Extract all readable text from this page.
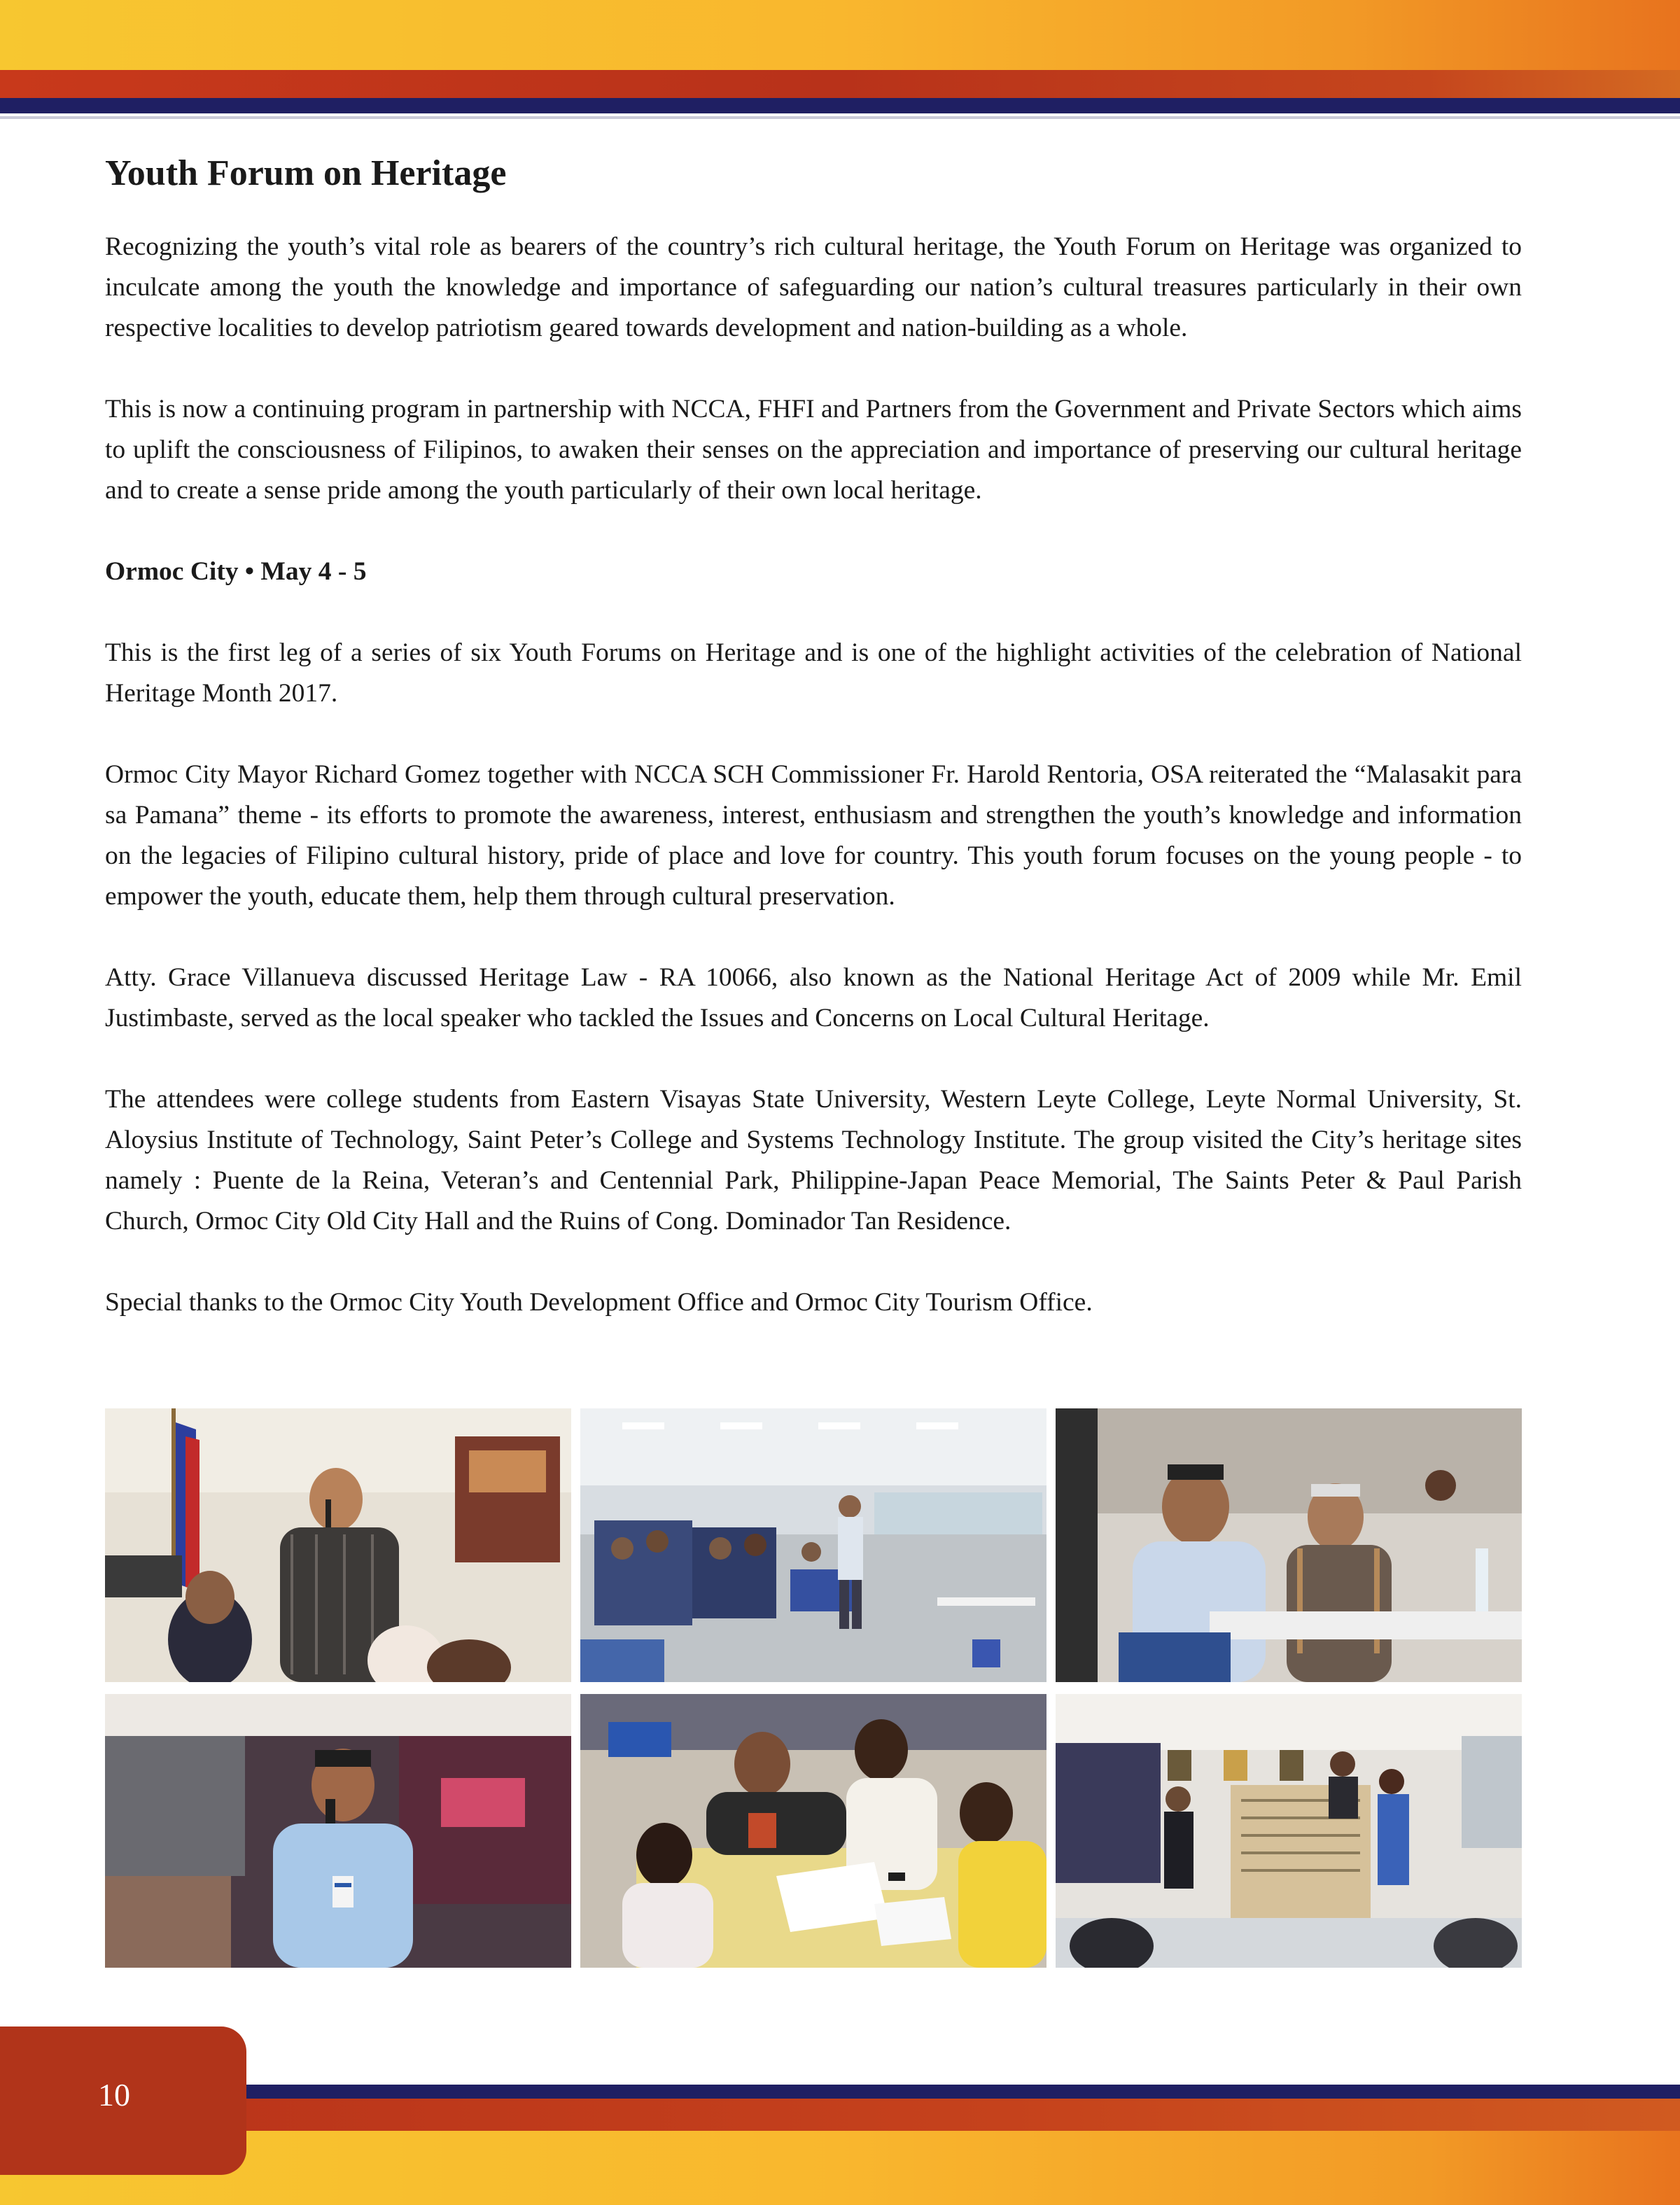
Youth Forum on Heritage

Recognizing the youth’s vital role as bearers of the country’s rich cultural heritage, the Youth Forum on Heritage was organized to inculcate among the youth the knowledge and importance of safeguarding our nation’s cultural treasures particularly in their own respective localities to develop patriotism geared towards development and nation-building as a whole.

This is now a continuing program in partnership with NCCA, FHFI and Partners from the Government and Private Sectors which aims to uplift the consciousness of Filipinos, to awaken their senses on the appreciation and importance of preserving our cultural heritage and to create a sense pride among the youth particularly of their own local heritage.

Ormoc City • May 4 - 5

This is the first leg of a series of six Youth Forums on Heritage and is one of the highlight activities of the celebration of National Heritage Month 2017.

Ormoc City Mayor Richard Gomez together with NCCA SCH Commissioner Fr. Harold Rentoria, OSA reiterated the “Malasakit para sa Pamana” theme - its efforts to promote the awareness, interest, enthusiasm and strengthen the youth’s knowledge and information on the legacies of Filipino cultural history, pride of place and love for country. This youth forum focuses on the young people - to empower the youth, educate them, help them through cultural preservation.

Atty. Grace Villanueva discussed Heritage Law - RA 10066, also known as the National Heritage Act of 2009 while Mr. Emil Justimbaste, served as the local speaker who tackled the Issues and Concerns on Local Cultural Heritage.

The attendees were college students from Eastern Visayas State University, Western Leyte College, Leyte Normal University, St. Aloysius Institute of Technology, Saint Peter’s College and Systems Technology Institute. The group visited the City’s heritage sites namely : Puente de la Reina, Veteran’s and Centennial Park, Philippine-Japan Peace Memorial, The Saints Peter & Paul Parish Church, Ormoc City Old City Hall and the Ruins of Cong. Dominador Tan Residence.

Special thanks to the Ormoc City Youth Development Office and Ormoc City Tourism Office.

10
